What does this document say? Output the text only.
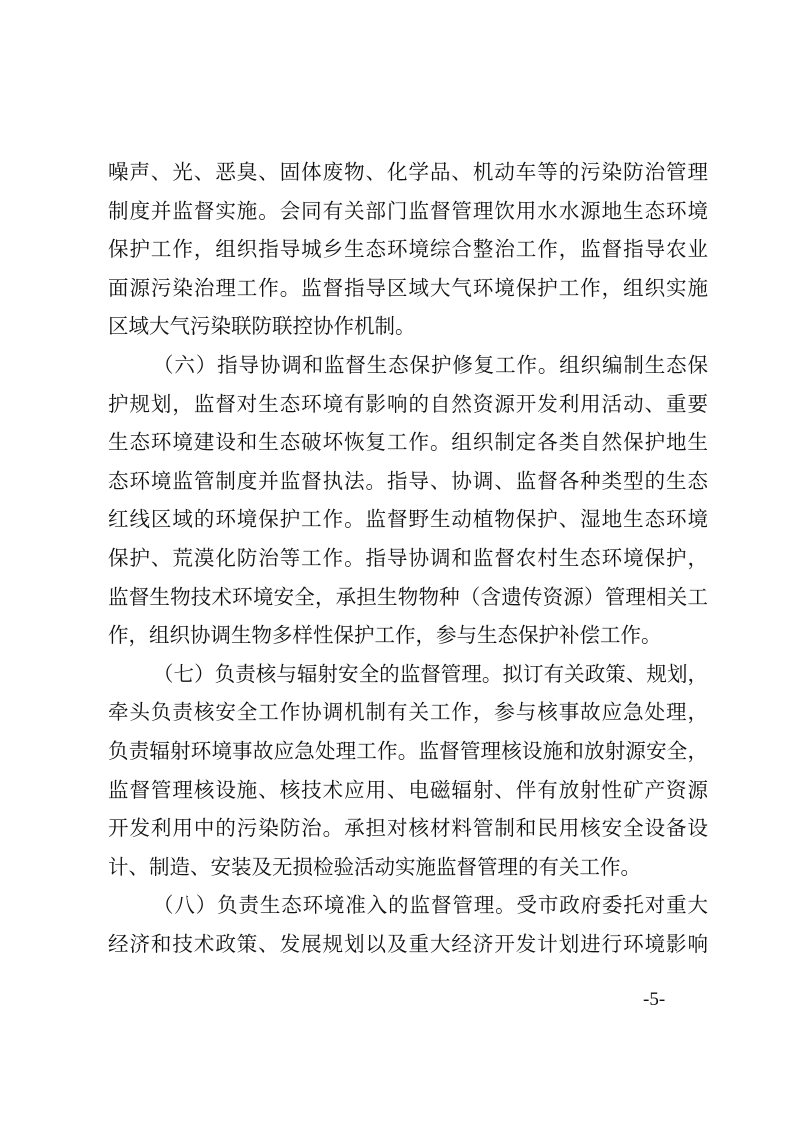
噪声、光、恶臭、固体废物、化学品、机动车等的污染防治管理
制度并监督实施。会同有关部门监督管理饮用水水源地生态环境
保护工作，组织指导城乡生态环境综合整治工作，监督指导农业
面源污染治理工作。监督指导区域大气环境保护工作，组织实施
区域大气污染联防联控协作机制。
（六）指导协调和监督生态保护修复工作。组织编制生态保
护规划，监督对生态环境有影响的自然资源开发利用活动、重要
生态环境建设和生态破坏恢复工作。组织制定各类自然保护地生
态环境监管制度并监督执法。指导、协调、监督各种类型的生态
红线区域的环境保护工作。监督野生动植物保护、湿地生态环境
保护、荒漠化防治等工作。指导协调和监督农村生态环境保护，
监督生物技术环境安全，承担生物物种（含遗传资源）管理相关工
作，组织协调生物多样性保护工作，参与生态保护补偿工作。
（七）负责核与辐射安全的监督管理。拟订有关政策、规划，
牵头负责核安全工作协调机制有关工作，参与核事故应急处理，
负责辐射环境事故应急处理工作。监督管理核设施和放射源安全，
监督管理核设施、核技术应用、电磁辐射、伴有放射性矿产资源
开发利用中的污染防治。承担对核材料管制和民用核安全设备设
计、制造、安装及无损检验活动实施监督管理的有关工作。
（八）负责生态环境准入的监督管理。受市政府委托对重大
经济和技术政策、发展规划以及重大经济开发计划进行环境影响
-5-
